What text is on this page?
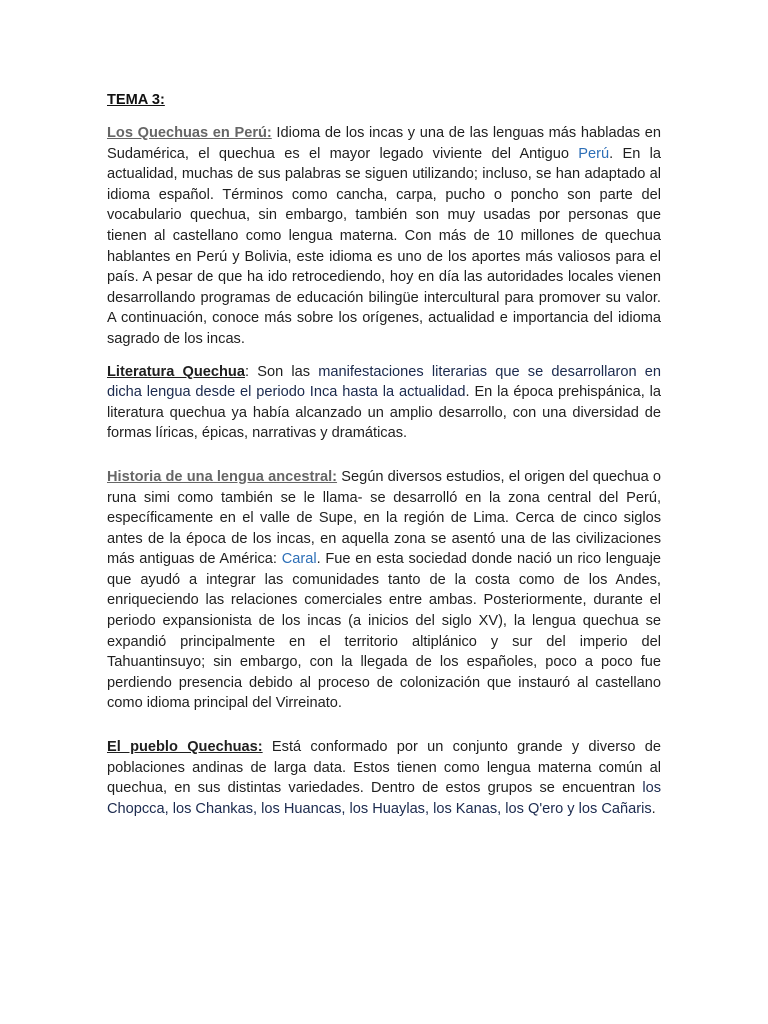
TEMA 3:

Los Quechuas en Perú: Idioma de los incas y una de las lenguas más habladas en Sudamérica, el quechua es el mayor legado viviente del Antiguo Perú. En la actualidad, muchas de sus palabras se siguen utilizando; incluso, se han adaptado al idioma español. Términos como cancha, carpa, pucho o poncho son parte del vocabulario quechua, sin embargo, también son muy usadas por personas que tienen al castellano como lengua materna. Con más de 10 millones de quechua hablantes en Perú y Bolivia, este idioma es uno de los aportes más valiosos para el país. A pesar de que ha ido retrocediendo, hoy en día las autoridades locales vienen desarrollando programas de educación bilingüe intercultural para promover su valor. A continuación, conoce más sobre los orígenes, actualidad e importancia del idioma sagrado de los incas.

Literatura Quechua: Son las manifestaciones literarias que se desarrollaron en dicha lengua desde el periodo Inca hasta la actualidad. En la época prehispánica, la literatura quechua ya había alcanzado un amplio desarrollo, con una diversidad de formas líricas, épicas, narrativas y dramáticas.

Historia de una lengua ancestral: Según diversos estudios, el origen del quechua o runa simi como también se le llama- se desarrolló en la zona central del Perú, específicamente en el valle de Supe, en la región de Lima. Cerca de cinco siglos antes de la época de los incas, en aquella zona se asentó una de las civilizaciones más antiguas de América: Caral. Fue en esta sociedad donde nació un rico lenguaje que ayudó a integrar las comunidades tanto de la costa como de los Andes, enriqueciendo las relaciones comerciales entre ambas. Posteriormente, durante el periodo expansionista de los incas (a inicios del siglo XV), la lengua quechua se expandió principalmente en el territorio altiplánico y sur del imperio del Tahuantinsuyo; sin embargo, con la llegada de los españoles, poco a poco fue perdiendo presencia debido al proceso de colonización que instauró al castellano como idioma principal del Virreinato.

El pueblo Quechuas: Está conformado por un conjunto grande y diverso de poblaciones andinas de larga data. Estos tienen como lengua materna común al quechua, en sus distintas variedades. Dentro de estos grupos se encuentran los Chopcca, los Chankas, los Huancas, los Huaylas, los Kanas, los Q'ero y los Cañaris.
